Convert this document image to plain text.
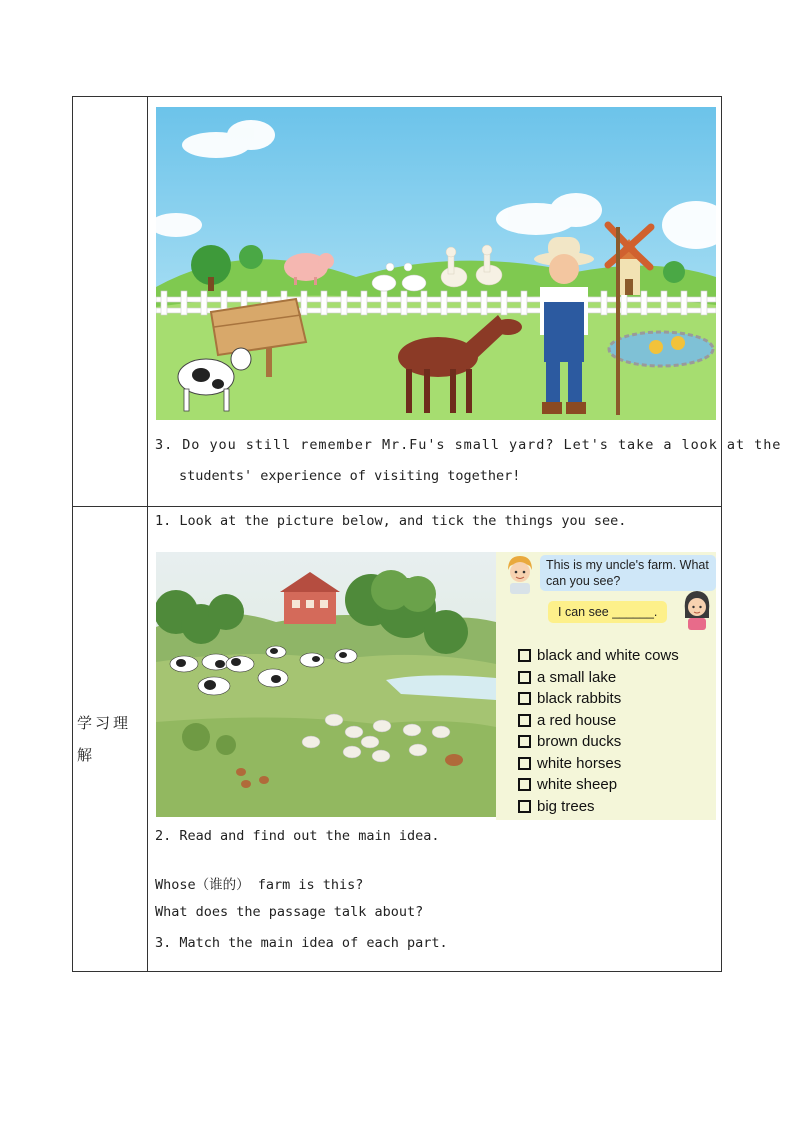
学习理解
3. Do you still remember Mr.Fu's small yard? Let's take a look at the
students' experience of visiting together!
1. Look at the picture below, and tick the things you see.
This is my uncle's farm. What can you see?
I can see ______.
black and white cows
a small lake
black rabbits
a red house
brown ducks
white horses
white sheep
big trees
2. Read and find out the main idea.
Whose（谁的） farm is this?
What does the passage talk about?
3. Match the main idea of each part.
